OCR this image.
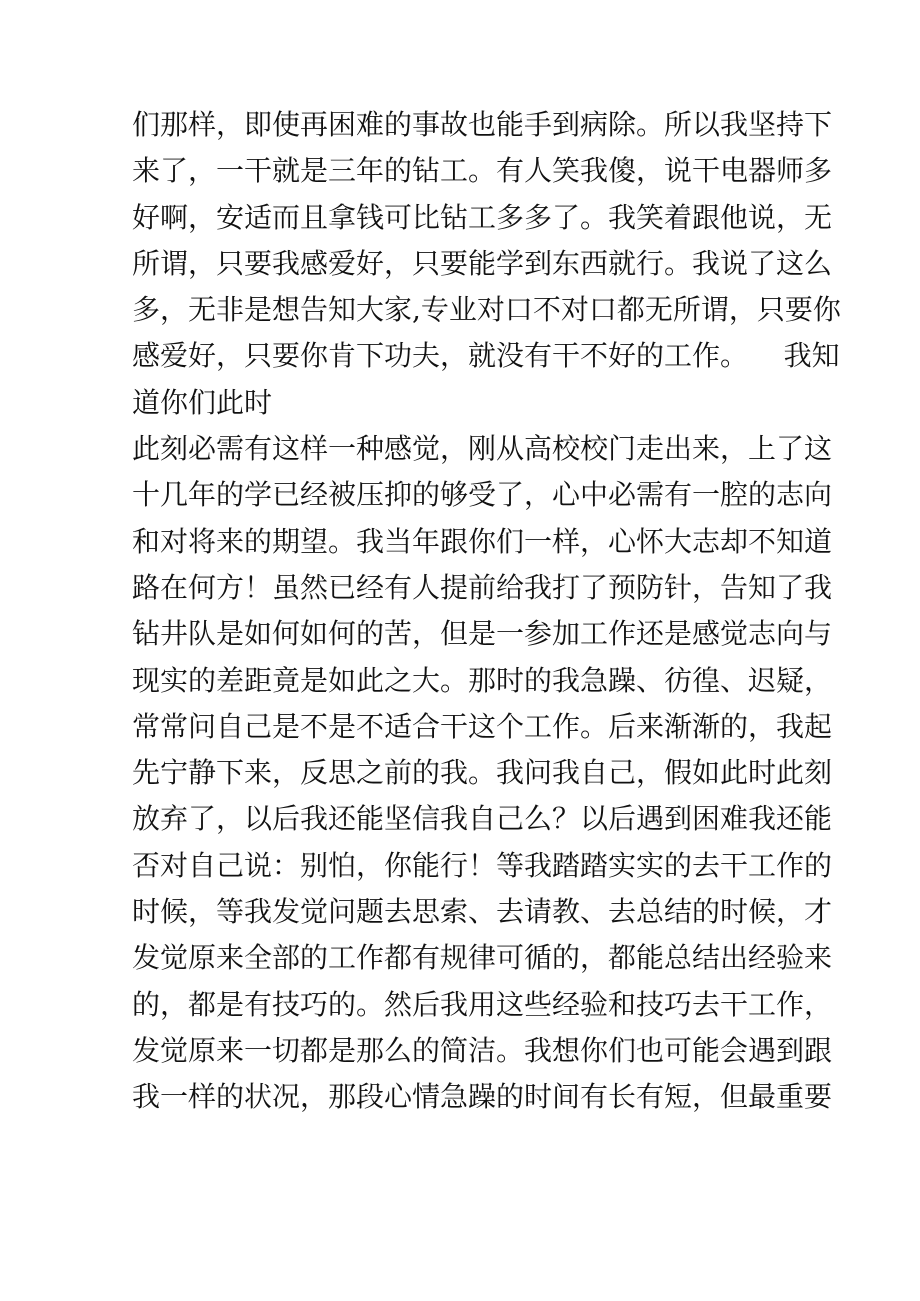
们那样，即使再困难的事故也能手到病除。所以我坚持下
来了，一干就是三年的钻工。有人笑我傻，说干电器师多
好啊，安适而且拿钱可比钻工多多了。我笑着跟他说，无
所谓，只要我感爱好，只要能学到东西就行。我说了这么
多，无非是想告知大家,专业对口不对口都无所谓，只要你
感爱好，只要你肯下功夫，就没有干不好的工作。    我知
道你们此时
此刻必需有这样一种感觉，刚从高校校门走出来，上了这
十几年的学已经被压抑的够受了，心中必需有一腔的志向
和对将来的期望。我当年跟你们一样，心怀大志却不知道
路在何方！虽然已经有人提前给我打了预防针，告知了我
钻井队是如何如何的苦，但是一参加工作还是感觉志向与
现实的差距竟是如此之大。那时的我急躁、彷徨、迟疑，
常常问自己是不是不适合干这个工作。后来渐渐的，我起
先宁静下来，反思之前的我。我问我自己，假如此时此刻
放弃了，以后我还能坚信我自己么？以后遇到困难我还能
否对自己说：别怕，你能行！等我踏踏实实的去干工作的
时候，等我发觉问题去思索、去请教、去总结的时候，才
发觉原来全部的工作都有规律可循的，都能总结出经验来
的，都是有技巧的。然后我用这些经验和技巧去干工作，
发觉原来一切都是那么的简洁。我想你们也可能会遇到跟
我一样的状况，那段心情急躁的时间有长有短，但最重要
